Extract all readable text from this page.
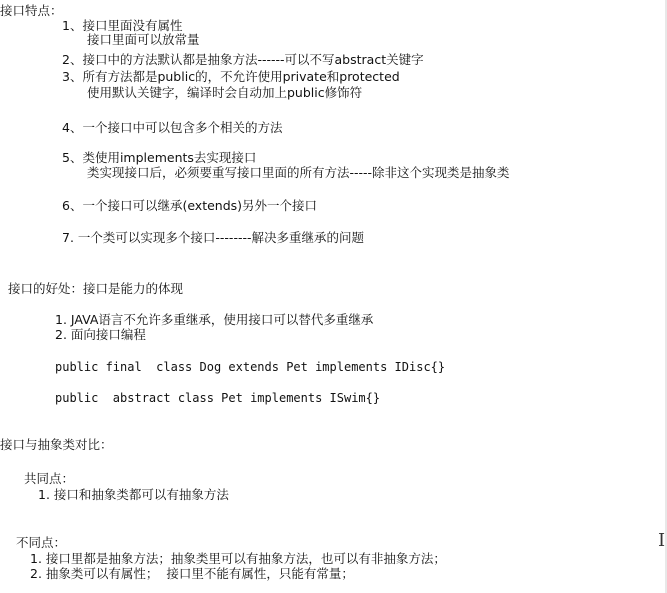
接口特点：
1、接口里面没有属性
接口里面可以放常量
2、接口中的方法默认都是抽象方法------可以不写abstract关键字
3、所有方法都是public的，不允许使用private和protected
使用默认关键字，编译时会自动加上public修饰符
4、一个接口中可以包含多个相关的方法
5、类使用implements去实现接口
类实现接口后，必须要重写接口里面的所有方法-----除非这个实现类是抽象类
6、一个接口可以继承(extends)另外一个接口
7. 一个类可以实现多个接口--------解决多重继承的问题
接口的好处：接口是能力的体现
1. JAVA语言不允许多重继承，使用接口可以替代多重继承
2. 面向接口编程
public final  class Dog extends Pet implements IDisc{}
public  abstract class Pet implements ISwim{}
接口与抽象类对比：
共同点：
1. 接口和抽象类都可以有抽象方法
不同点：
1. 接口里都是抽象方法；抽象类里可以有抽象方法，也可以有非抽象方法；
2. 抽象类可以有属性；  接口里不能有属性，只能有常量；
I
